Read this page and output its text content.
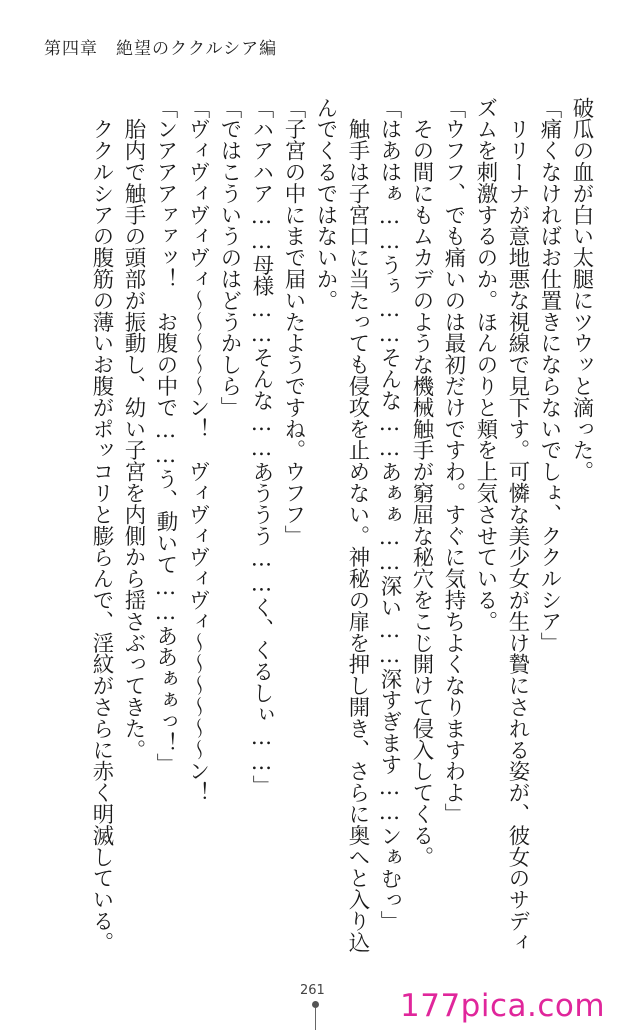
第四章　絶望のククルシア編
破瓜の血が白い太腿にツウッと滴った。
「痛くなければお仕置きにならないでしょ、ククルシア」
　リリーナが意地悪な視線で見下す。可憐な美少女が生け贄にされる姿が、彼女のサディ
ズムを刺激するのか。ほんのりと頬を上気させている。
「ウフフ、でも痛いのは最初だけですわ。すぐに気持ちよくなりますわよ」
　その間にもムカデのような機械触手が窮屈な秘穴をこじ開けて侵入してくる。
「はあはぁ……うぅ……そんな……あぁぁ……深い……深すぎます……ンぁむっ」
　触手は子宮口に当たっても侵攻を止めない。神秘の扉を押し開き、さらに奥へと入り込
んでくるではないか。
「子宮の中にまで届いたようですね。ウフフ」
「ハアハア……母様……そんな……あううう……く、くるしぃ……」
「ではこういうのはどうかしら」
「ヴィヴィヴィヴィ～～～～～ン！　ヴィヴィヴィヴィ～～～～～～ン！
「ンアアアァァッ！　お腹の中で……う、動いて……ああぁぁっ！」
　胎内で触手の頭部が振動し、幼い子宮を内側から揺さぶってきた。
　ククルシアの腹筋の薄いお腹がポッコリと膨らんで、淫紋がさらに赤く明滅している。
261 177pica.com
